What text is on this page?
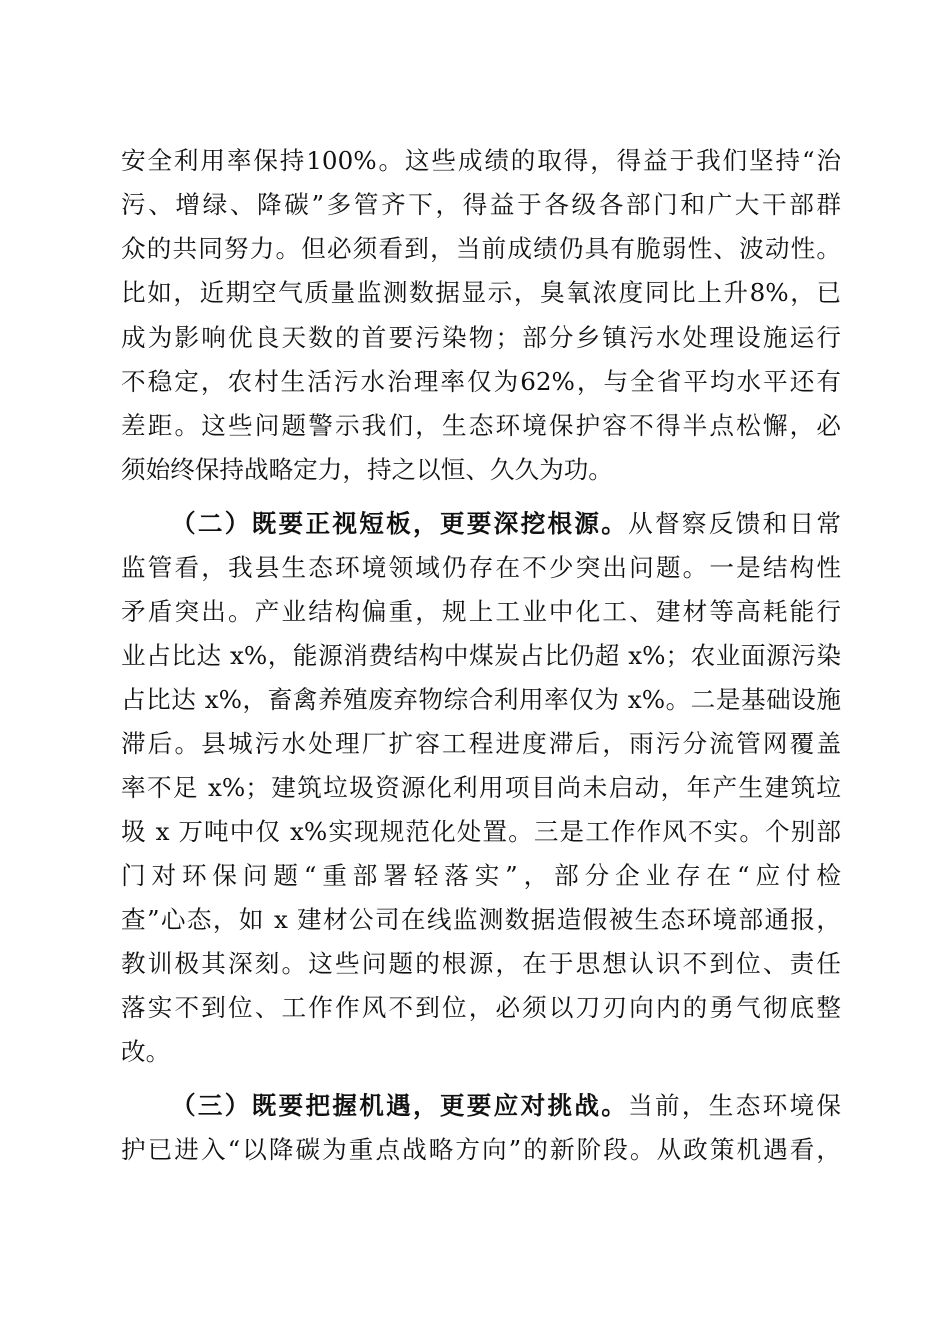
安全利用率保持100%。这些成绩的取得，得益于我们坚持“治
污、增绿、降碳”多管齐下，得益于各级各部门和广大干部群
众的共同努力。但必须看到，当前成绩仍具有脆弱性、波动性。
比如，近期空气质量监测数据显示，臭氧浓度同比上升8%，已
成为影响优良天数的首要污染物；部分乡镇污水处理设施运行
不稳定，农村生活污水治理率仅为62%，与全省平均水平还有
差距。这些问题警示我们，生态环境保护容不得半点松懈，必
须始终保持战略定力，持之以恒、久久为功。
（二）既要正视短板，更要深挖根源。从督察反馈和日常
监管看，我县生态环境领域仍存在不少突出问题。一是结构性
矛盾突出。产业结构偏重，规上工业中化工、建材等高耗能行
业占比达 x%，能源消费结构中煤炭占比仍超 x%；农业面源污染
占比达 x%，畜禽养殖废弃物综合利用率仅为 x%。二是基础设施
滞后。县城污水处理厂扩容工程进度滞后，雨污分流管网覆盖
率不足 x%；建筑垃圾资源化利用项目尚未启动，年产生建筑垃
圾 x 万吨中仅 x%实现规范化处置。三是工作作风不实。个别部
门对环保问题“重部署轻落实”，部分企业存在“应付检
查”心态，如 x 建材公司在线监测数据造假被生态环境部通报，
教训极其深刻。这些问题的根源，在于思想认识不到位、责任
落实不到位、工作作风不到位，必须以刀刃向内的勇气彻底整
改。
（三）既要把握机遇，更要应对挑战。当前，生态环境保
护已进入“以降碳为重点战略方向”的新阶段。从政策机遇看，
